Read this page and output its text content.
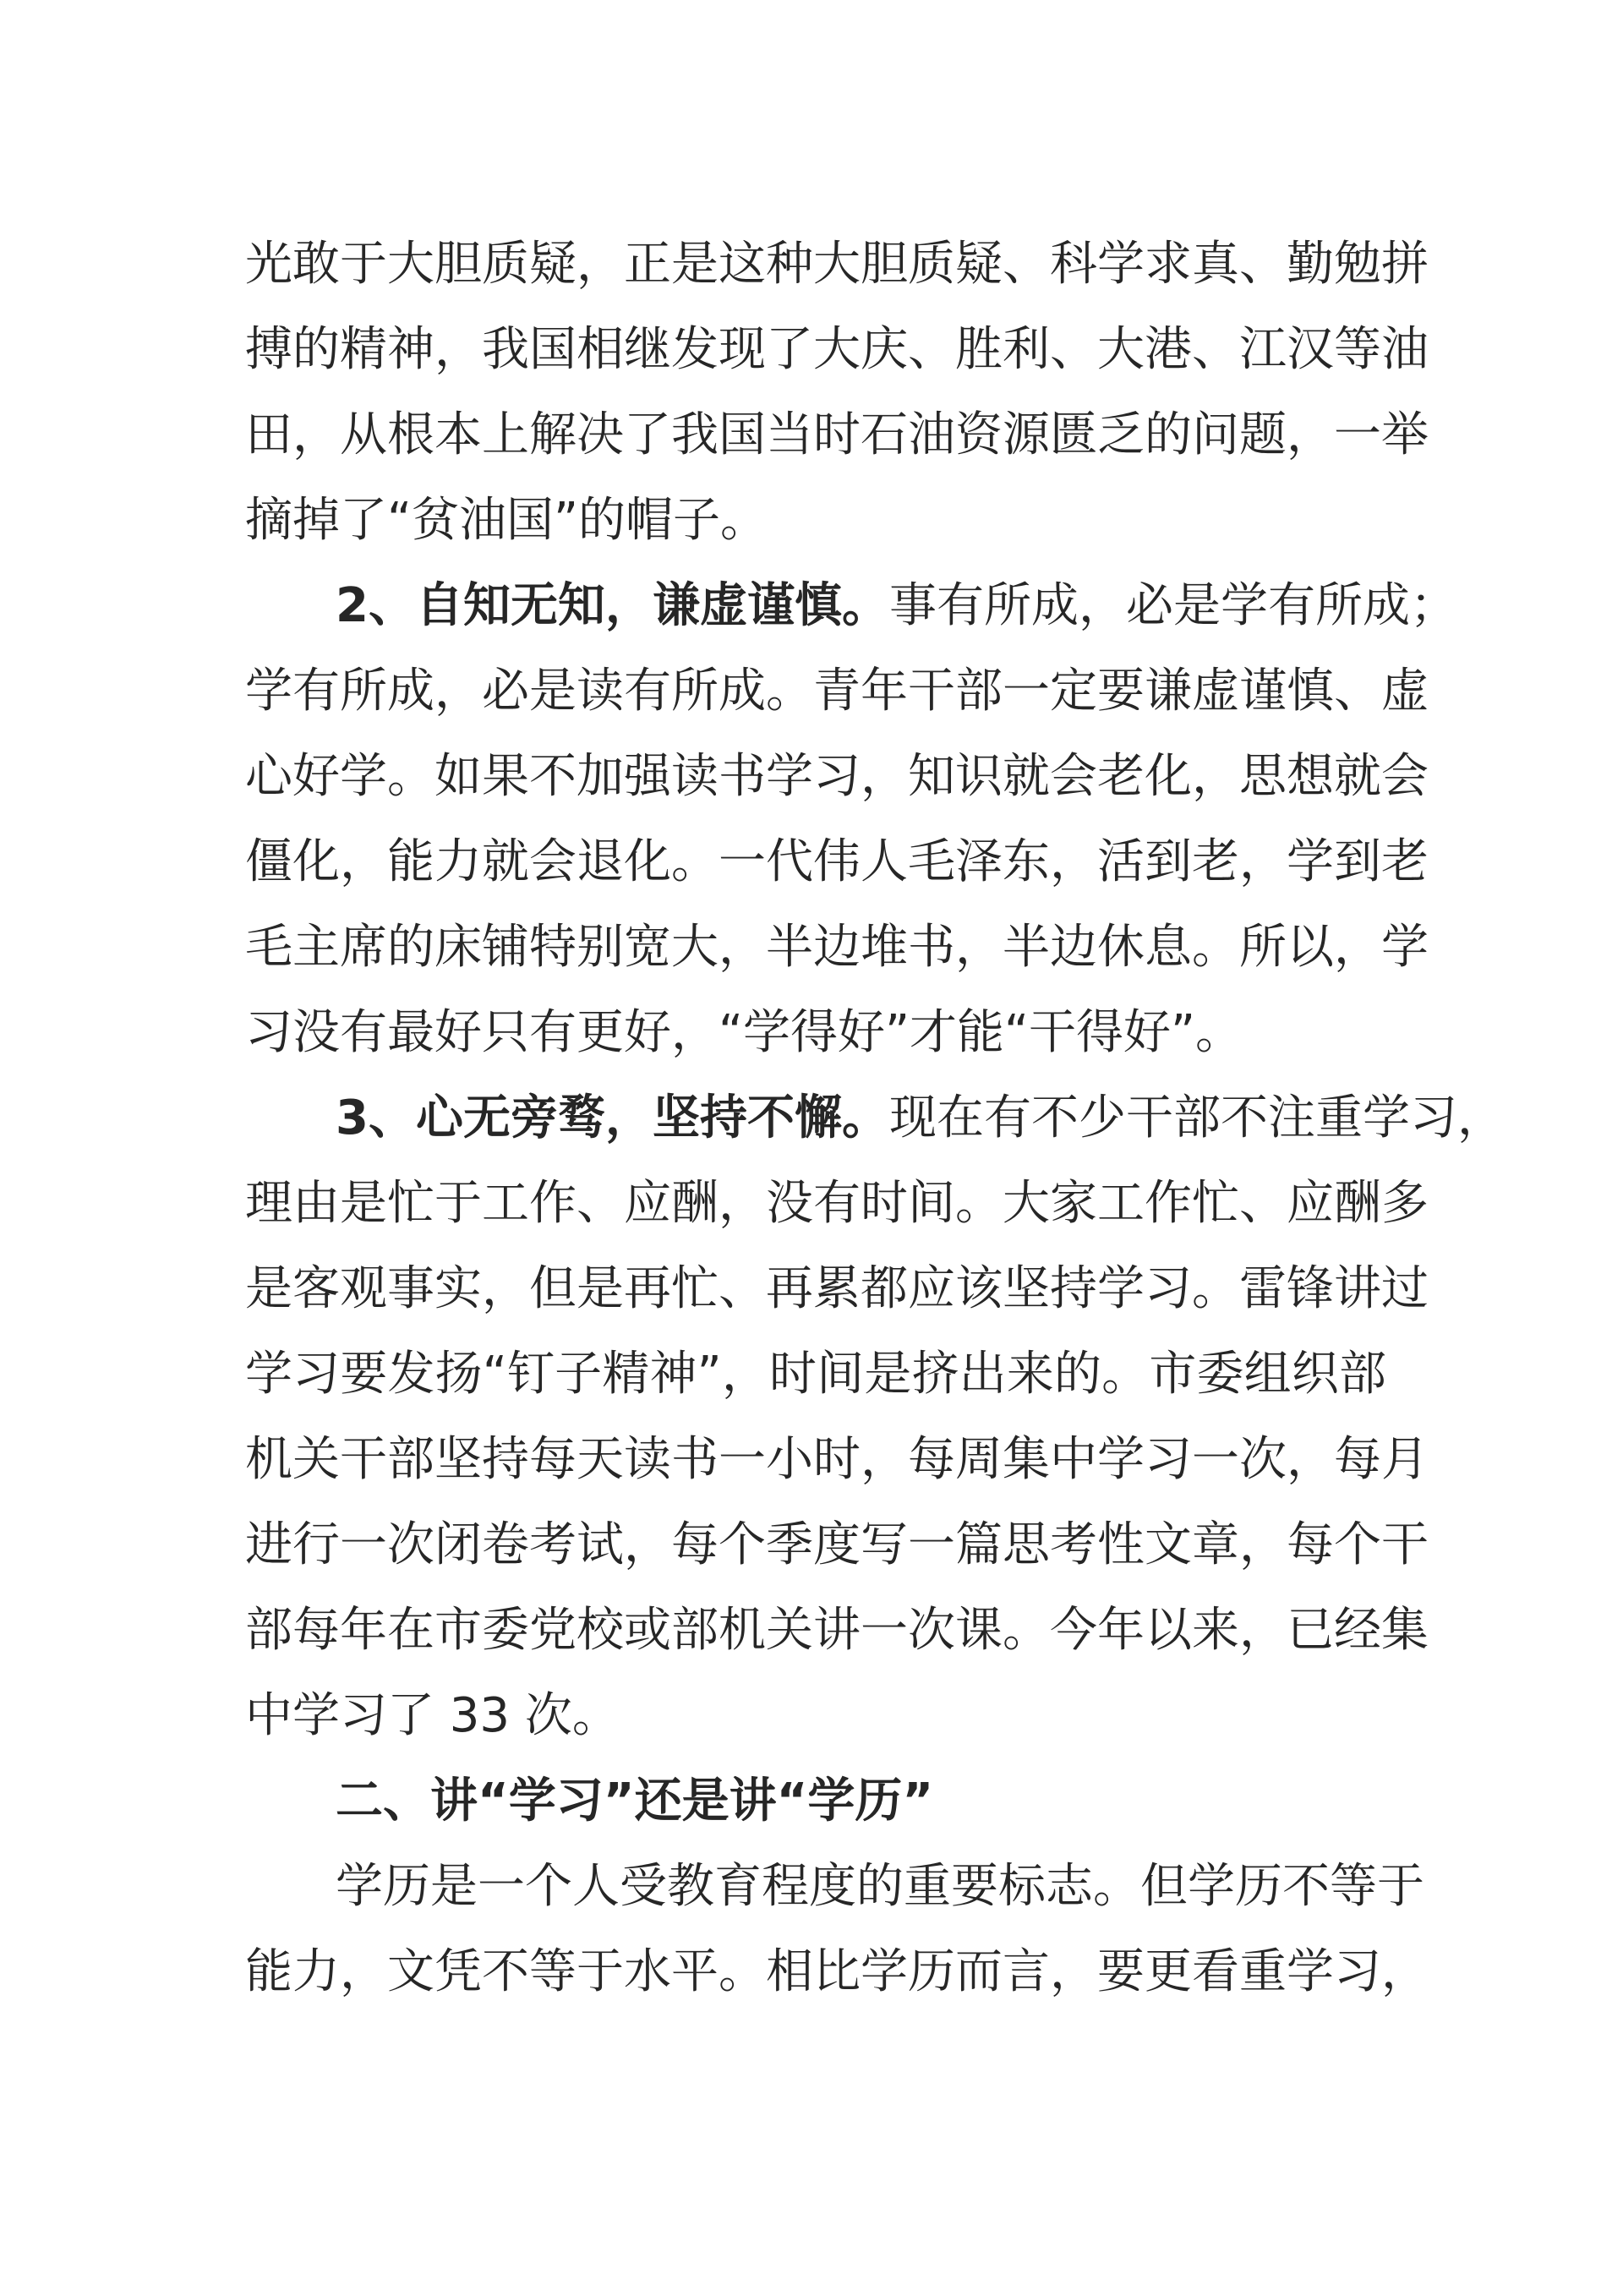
光敢于大胆质疑，正是这种大胆质疑、科学求真、勤勉拼
搏的精神，我国相继发现了大庆、胜利、大港、江汉等油
田，从根本上解决了我国当时石油资源匮乏的问题，一举
摘掉了“贫油国”的帽子。
2、自知无知，谦虚谨慎。事有所成，必是学有所成；
学有所成，必是读有所成。青年干部一定要谦虚谨慎、虚
心好学。如果不加强读书学习，知识就会老化，思想就会
僵化，能力就会退化。一代伟人毛泽东，活到老，学到老
毛主席的床铺特别宽大，半边堆书，半边休息。所以，学
习没有最好只有更好，“学得好”才能“干得好”。
3、心无旁骛，坚持不懈。现在有不少干部不注重学习，
理由是忙于工作、应酬，没有时间。大家工作忙、应酬多
是客观事实，但是再忙、再累都应该坚持学习。雷锋讲过
学习要发扬“钉子精神”，时间是挤出来的。市委组织部
机关干部坚持每天读书一小时，每周集中学习一次，每月
进行一次闭卷考试，每个季度写一篇思考性文章，每个干
部每年在市委党校或部机关讲一次课。今年以来，已经集
中学习了 33 次。
二、讲“学习”还是讲“学历”
学历是一个人受教育程度的重要标志。但学历不等于
能力，文凭不等于水平。相比学历而言，要更看重学习，
